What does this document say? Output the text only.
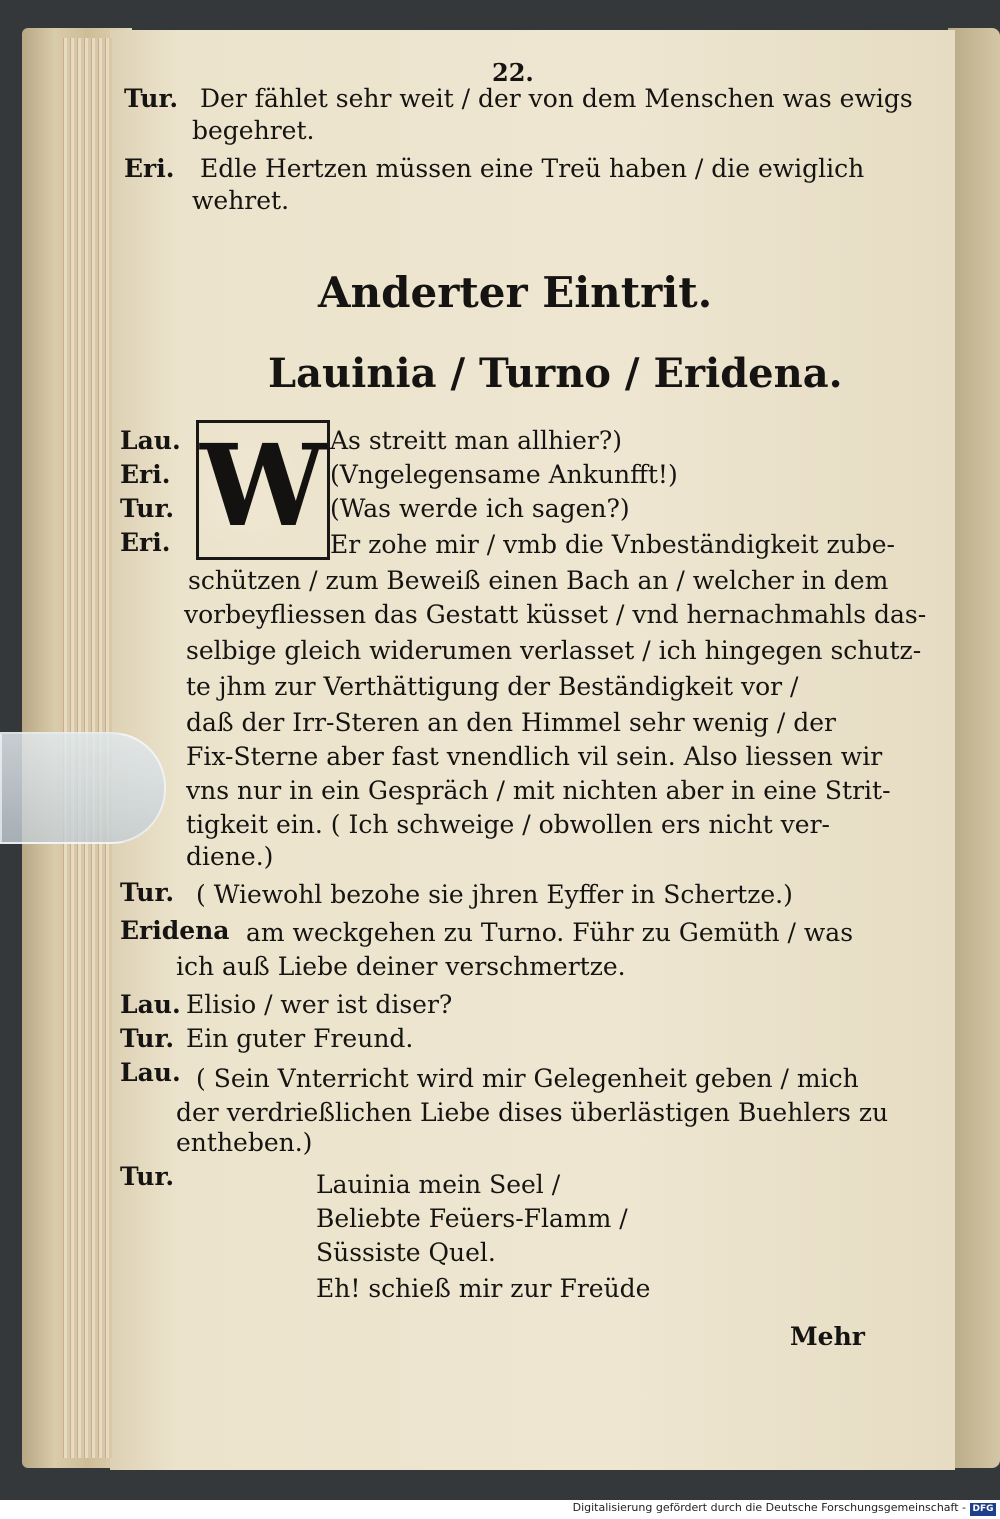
22.
Tur. Der fählet sehr weit / der von dem Menschen was ewigs
begehret.
Eri. Edle Hertzen müssen eine Treü haben / die ewiglich
wehret.
Anderter Eintrit.
Lauinia / Turno / Eridena.
W
Lau.	As streitt man allhier?)
Eri.	(Vngelegensame Ankunfft!)
Tur.	(Was werde ich sagen?)
Eri.	Er zohe mir / vmb die Vnbeständigkeit zube-
schützen / zum Beweiß einen Bach an / welcher in dem
vorbeyfliessen das Gestatt küsset / vnd hernachmahls das-
selbige gleich widerumen verlasset / ich hingegen schutz-
te jhm zur Verthättigung der Beständigkeit vor /
daß der Irr-Steren an den Himmel sehr wenig / der
Fix-Sterne aber fast vnendlich vil sein. Also liessen wir
vns nur in ein Gespräch / mit nichten aber in eine Strit-
tigkeit ein. ( Ich schweige / obwollen ers nicht ver-
diene.)
Tur. ( Wiewohl bezohe sie jhren Eyffer in Schertze.)
Eridena am weckgehen zu Turno. Führ zu Gemüth / was
ich auß Liebe deiner verschmertze.
Lau. Elisio / wer ist diser?
Tur. Ein guter Freund.
Lau. ( Sein Vnterricht wird mir Gelegenheit geben / mich
der verdrießlichen Liebe dises überlästigen Buehlers zu
entheben.)
Tur.	Lauinia mein Seel /
Beliebte Feüers-Flamm /
Süssiste Quel.
Eh! schieß mir zur Freüde
Mehr
Digitalisierung gefördert durch die Deutsche Forschungsgemeinschaft - DFG
